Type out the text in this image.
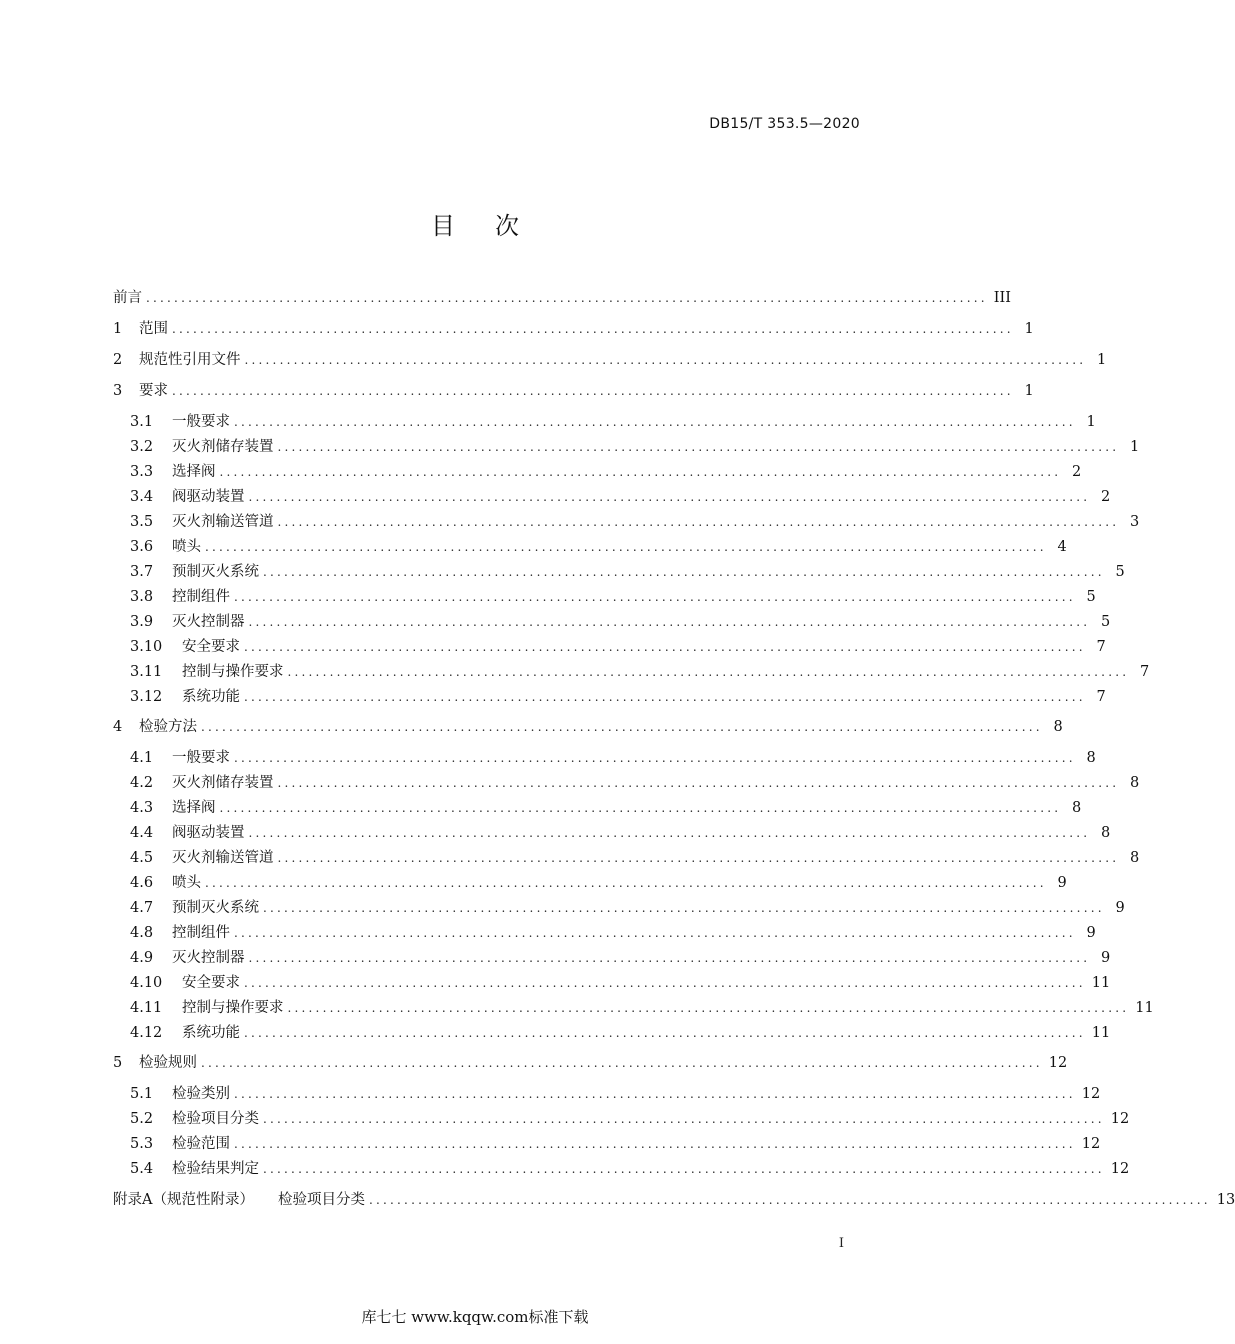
DB15/T 353.5—2020
目 次
前言 ........................................................................................................................ III
1	范围 ........................................................................................................................ 1
2	规范性引用文件 ........................................................................................................................ 1
3	要求 ........................................................................................................................ 1
3.1	一般要求 ........................................................................................................................ 1
3.2	灭火剂储存装置 ........................................................................................................................ 1
3.3	选择阀 ........................................................................................................................ 2
3.4	阀驱动装置 ........................................................................................................................ 2
3.5	灭火剂输送管道 ........................................................................................................................ 3
3.6	喷头 ........................................................................................................................ 4
3.7	预制灭火系统 ........................................................................................................................ 5
3.8	控制组件 ........................................................................................................................ 5
3.9	灭火控制器 ........................................................................................................................ 5
3.10	安全要求 ........................................................................................................................ 7
3.11	控制与操作要求 ........................................................................................................................ 7
3.12	系统功能 ........................................................................................................................ 7
4	检验方法 ........................................................................................................................ 8
4.1	一般要求 ........................................................................................................................ 8
4.2	灭火剂储存装置 ........................................................................................................................ 8
4.3	选择阀 ........................................................................................................................ 8
4.4	阀驱动装置 ........................................................................................................................ 8
4.5	灭火剂输送管道 ........................................................................................................................ 8
4.6	喷头 ........................................................................................................................ 9
4.7	预制灭火系统 ........................................................................................................................ 9
4.8	控制组件 ........................................................................................................................ 9
4.9	灭火控制器 ........................................................................................................................ 9
4.10	安全要求 ........................................................................................................................ 11
4.11	控制与操作要求 ........................................................................................................................ 11
4.12	系统功能 ........................................................................................................................ 11
5	检验规则 ........................................................................................................................ 12
5.1	检验类别 ........................................................................................................................ 12
5.2	检验项目分类 ........................................................................................................................ 12
5.3	检验范围 ........................................................................................................................ 12
5.4	检验结果判定 ........................................................................................................................ 12
附录A（规范性附录） 检验项目分类 ........................................................................................................................ 13
I
库七七 www.kqqw.com标准下载
